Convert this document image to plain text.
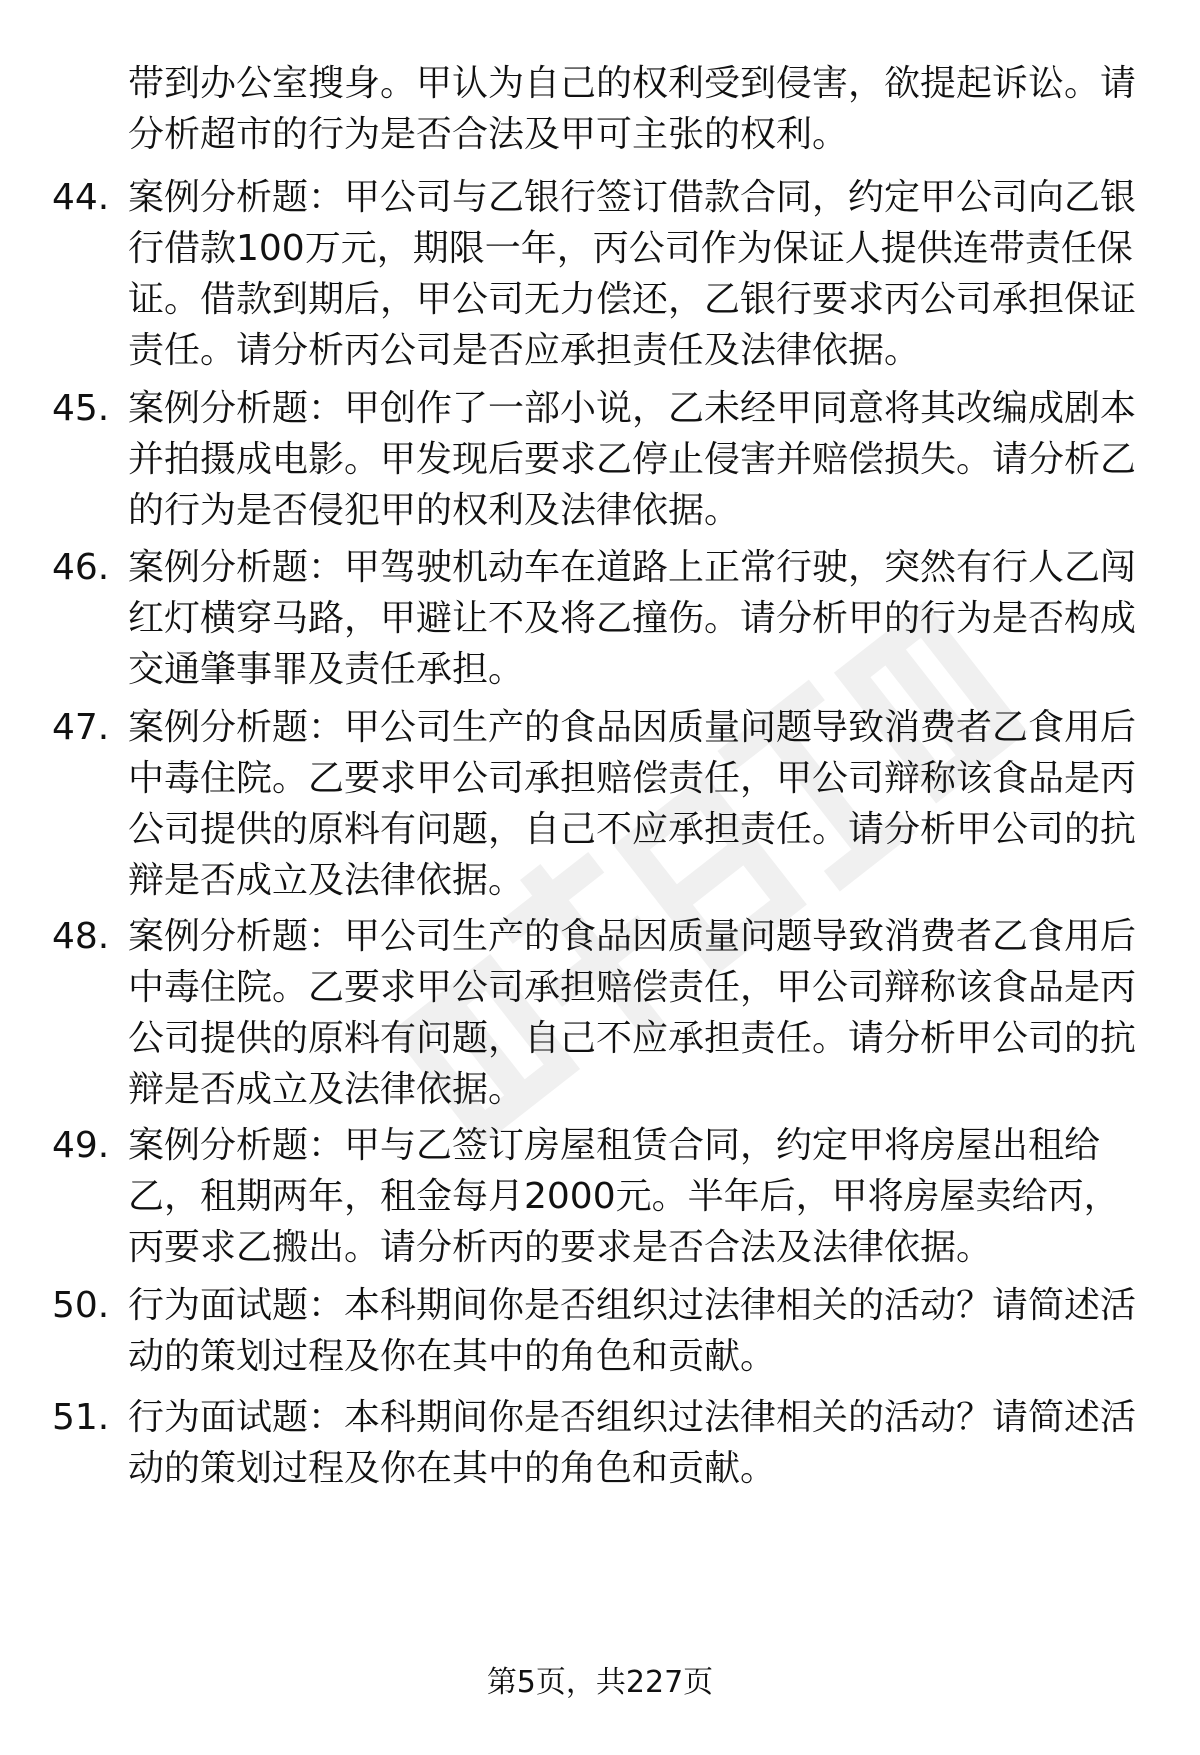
带到办公室搜身。甲认为自己的权利受到侵害，欲提起诉讼。请分析超市的行为是否合法及甲可主张的权利。

44. 案例分析题：甲公司与乙银行签订借款合同，约定甲公司向乙银行借款100万元，期限一年，丙公司作为保证人提供连带责任保证。借款到期后，甲公司无力偿还，乙银行要求丙公司承担保证责任。请分析丙公司是否应承担责任及法律依据。

45. 案例分析题：甲创作了一部小说，乙未经甲同意将其改编成剧本并拍摄成电影。甲发现后要求乙停止侵害并赔偿损失。请分析乙的行为是否侵犯甲的权利及法律依据。

46. 案例分析题：甲驾驶机动车在道路上正常行驶，突然有行人乙闯红灯横穿马路，甲避让不及将乙撞伤。请分析甲的行为是否构成交通肇事罪及责任承担。

47. 案例分析题：甲公司生产的食品因质量问题导致消费者乙食用后中毒住院。乙要求甲公司承担赔偿责任，甲公司辩称该食品是丙公司提供的原料有问题，自己不应承担责任。请分析甲公司的抗辩是否成立及法律依据。

48. 案例分析题：甲公司生产的食品因质量问题导致消费者乙食用后中毒住院。乙要求甲公司承担赔偿责任，甲公司辩称该食品是丙公司提供的原料有问题，自己不应承担责任。请分析甲公司的抗辩是否成立及法律依据。

49. 案例分析题：甲与乙签订房屋租赁合同，约定甲将房屋出租给乙，租期两年，租金每月2000元。半年后，甲将房屋卖给丙，丙要求乙搬出。请分析丙的要求是否合法及法律依据。

50. 行为面试题：本科期间你是否组织过法律相关的活动？请简述活动的策划过程及你在其中的角色和贡献。

51. 行为面试题：本科期间你是否组织过法律相关的活动？请简述活动的策划过程及你在其中的角色和贡献。

第5页，共227页
